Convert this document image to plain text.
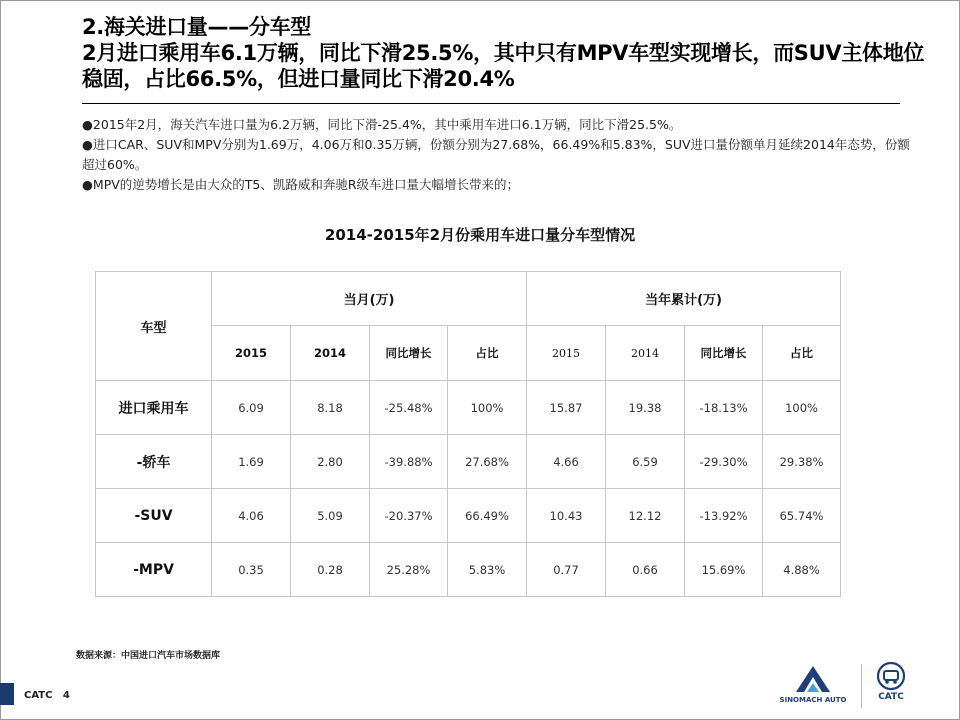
2.海关进口量——分车型
2月进口乘用车6.1万辆，同比下滑25.5%，其中只有MPV车型实现增长，而SUV主体地位稳固，占比66.5%，但进口量同比下滑20.4%
●2015年2月，海关汽车进口量为6.2万辆，同比下滑-25.4%，其中乘用车进口6.1万辆，同比下滑25.5%。
●进口CAR、SUV和MPV分别为1.69万，4.06万和0.35万辆，份额分别为27.68%，66.49%和5.83%，SUV进口量份额单月延续2014年态势，份额超过60%。
●MPV的逆势增长是由大众的T5、凯路威和奔驰R级车进口量大幅增长带来的；
2014-2015年2月份乘用车进口量分车型情况
车型	当月(万)				当年累计(万)			
	2015	2014	同比增长	占比	2015	2014	同比增长	占比
进口乘用车	6.09	8.18	-25.48%	100%	15.87	19.38	-18.13%	100%
-轿车	1.69	2.80	-39.88%	27.68%	4.66	6.59	-29.30%	29.38%
-SUV	4.06	5.09	-20.37%	66.49%	10.43	12.12	-13.92%	65.74%
-MPV	0.35	0.28	25.28%	5.83%	0.77	0.66	15.69%	4.88%
数据来源：中国进口汽车市场数据库
CATC 4	SINOMACH AUTO	CATC
